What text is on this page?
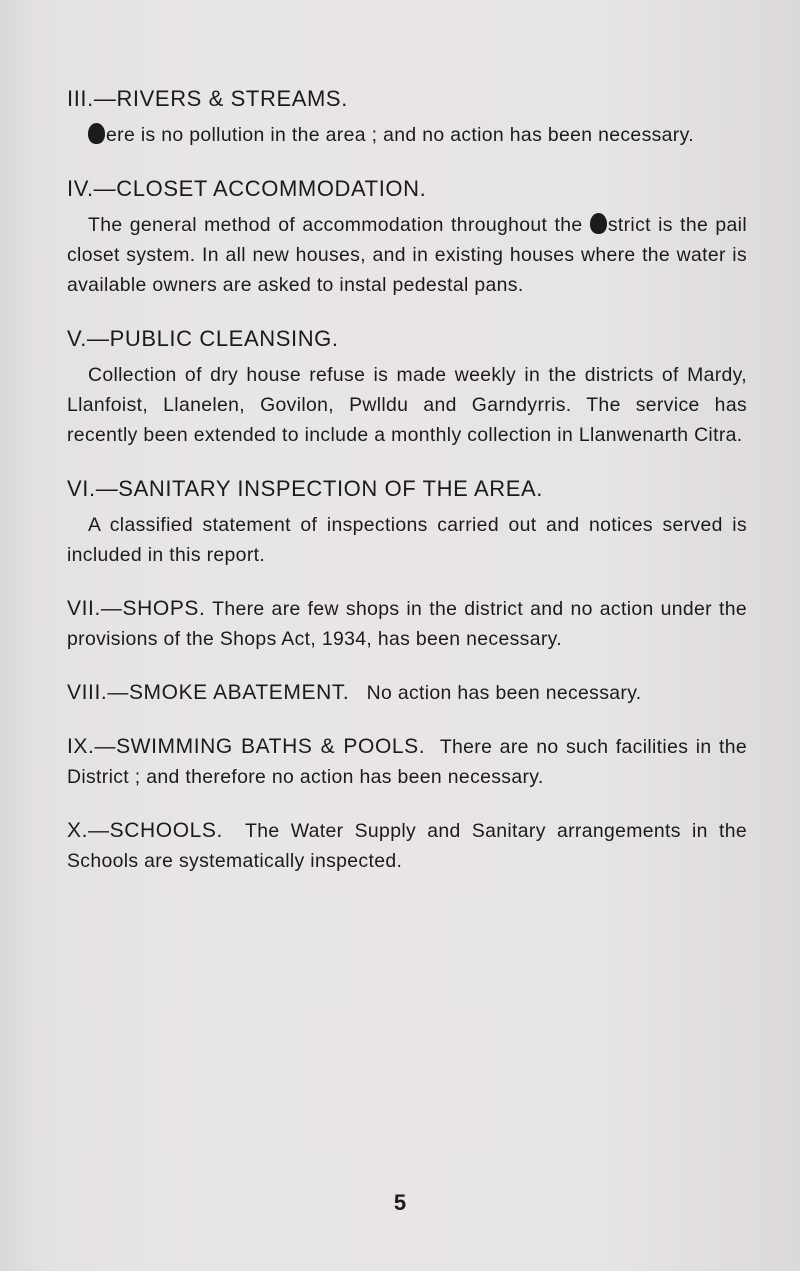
III.—RIVERS & STREAMS.

ere is no pollution in the area ; and no action has been necessary.

IV.—CLOSET ACCOMMODATION.

The general method of accommodation throughout the strict is the pail closet system. In all new houses, and in existing houses where the water is available owners are asked to instal pedestal pans.

V.—PUBLIC CLEANSING.

Collection of dry house refuse is made weekly in the districts of Mardy, Llanfoist, Llanelen, Govilon, Pwlldu and Garndyrris. The service has recently been extended to include a monthly collection in Llanwenarth Citra.

VI.—SANITARY INSPECTION OF THE AREA.

A classified statement of inspections carried out and notices served is included in this report.

VII.—SHOPS. There are few shops in the district and no action under the provisions of the Shops Act, 1934, has been necessary.

VIII.—SMOKE ABATEMENT. No action has been necessary.

IX.—SWIMMING BATHS & POOLS. There are no such facilities in the District ; and therefore no action has been necessary.

X.—SCHOOLS. The Water Supply and Sanitary arrangements in the Schools are systematically inspected.

5
